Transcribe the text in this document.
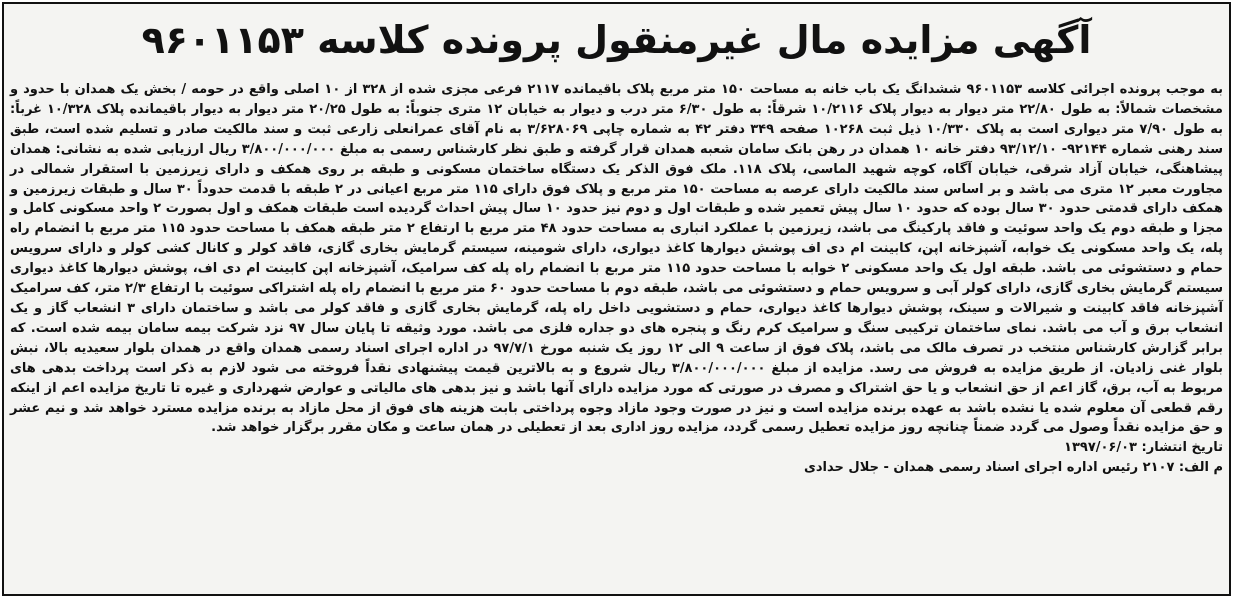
آگهی مزایده مال غیرمنقول پرونده کلاسه ۹۶۰۱۱۵۳

به موجب پرونده اجرائی کلاسه ۹۶۰۱۱۵۳ ششدانگ یک باب خانه به مساحت ۱۵۰ متر مربع پلاک باقیمانده ۲۱۱۷ فرعی مجزی شده از ۳۲۸ از ۱۰ اصلی واقع در حومه / بخش یک همدان با حدود و مشخصات شمالاً: به طول ۲۲/۸۰ متر دیوار به دیوار پلاک ۱۰/۲۱۱۶ شرقاً: به طول ۶/۳۰ متر درب و دیوار به خیابان ۱۲ متری جنوباً: به طول ۲۰/۲۵ متر دیوار به دیوار باقیمانده پلاک ۱۰/۳۲۸ غرباً: به طول ۷/۹۰ متر دیواری است به پلاک ۱۰/۳۳۰ ذیل ثبت ۱۰۲۶۸ صفحه ۳۴۹ دفتر ۴۲ به شماره چاپی ۳/۶۲۸۰۶۹ به نام آقای عمرانعلی زارعی ثبت و سند مالکیت صادر و تسلیم شده است، طبق سند رهنی شماره ۹۲۱۴۴- ۹۳/۱۲/۱۰ دفتر خانه ۱۰ همدان در رهن بانک سامان شعبه همدان قرار گرفته و طبق نظر کارشناس رسمی به مبلغ ۳/۸۰۰/۰۰۰/۰۰۰ ریال ارزیابی شده به نشانی: همدان پیشاهنگی، خیابان آزاد شرقی، خیابان آگاه، کوچه شهید الماسی، پلاک ۱۱۸. ملک فوق الذکر یک دستگاه ساختمان مسکونی و طبقه بر روی همکف و دارای زیرزمین با استقرار شمالی در مجاورت معبر ۱۲ متری می باشد و بر اساس سند مالکیت دارای عرصه به مساحت ۱۵۰ متر مربع و پلاک فوق دارای ۱۱۵ متر مربع اعیانی در ۲ طبقه با قدمت حدوداً ۳۰ سال و طبقات زیرزمین و همکف دارای قدمتی حدود ۳۰ سال بوده که حدود ۱۰ سال پیش تعمیر شده و طبقات اول و دوم نیز حدود ۱۰ سال پیش احداث گردیده است طبقات همکف و اول بصورت ۲ واحد مسکونی کامل و مجزا و طبقه دوم یک واحد سوئیت و فاقد پارکینگ می باشد، زیرزمین با عملکرد انباری به مساحت حدود ۴۸ متر مربع با ارتفاع ۲ متر طبقه همکف با مساحت حدود ۱۱۵ متر مربع با انضمام راه پله، یک واحد مسکونی یک خوابه، آشپزخانه اپن، کابینت ام دی اف پوشش دیوارها کاغذ دیواری، دارای شومینه، سیستم گرمایش بخاری گازی، فاقد کولر و کانال کشی کولر و دارای سرویس حمام و دستشوئی می باشد. طبقه اول یک واحد مسکونی ۲ خوابه با مساحت حدود ۱۱۵ متر مربع با انضمام راه پله کف سرامیک، آشپزخانه اپن کابینت ام دی اف، پوشش دیوارها کاغذ دیواری سیستم گرمایش بخاری گازی، دارای کولر آبی و سرویس حمام و دستشوئی می باشد، طبقه دوم با مساحت حدود ۶۰ متر مربع با انضمام راه پله اشتراکی سوئیت با ارتفاع ۲/۳ متر، کف سرامیک آشپزخانه فاقد کابینت و شیرالات و سینک، پوشش دیوارها کاغذ دیواری، حمام و دستشویی داخل راه پله، گرمایش بخاری گازی و فاقد کولر می باشد و ساختمان دارای ۳ انشعاب گاز و یک انشعاب برق و آب می باشد. نمای ساختمان ترکیبی سنگ و سرامیک کرم رنگ و پنجره های دو جداره فلزی می باشد. مورد وثیقه تا پایان سال ۹۷ نزد شرکت بیمه سامان بیمه شده است. که برابر گزارش کارشناس منتخب در تصرف مالک می باشد، پلاک فوق از ساعت ۹ الی ۱۲ روز یک شنبه مورخ ۹۷/۷/۱ در اداره اجرای اسناد رسمی همدان واقع در همدان بلوار سعیدیه بالا، نبش بلوار غنی زادیان. از طریق مزایده به فروش می رسد. مزایده از مبلغ ۳/۸۰۰/۰۰۰/۰۰۰ ریال شروع و به بالاترین قیمت پیشنهادی نقداً فروخته می شود لازم به ذکر است پرداخت بدهی های مربوط به آب، برق، گاز اعم از حق انشعاب و یا حق اشتراک و مصرف در صورتی که مورد مزایده دارای آنها باشد و نیز بدهی های مالیاتی و عوارض شهرداری و غیره تا تاریخ مزایده اعم از اینکه رقم قطعی آن معلوم شده یا نشده باشد به عهده برنده مزایده است و نیز در صورت وجود مازاد وجوه پرداختی بابت هزینه های فوق از محل مازاد به برنده مزایده مسترد خواهد شد و نیم عشر و حق مزایده نقداً وصول می گردد ضمناً چنانچه روز مزایده تعطیل رسمی گردد، مزایده روز اداری بعد از تعطیلی در همان ساعت و مکان مقرر برگزار خواهد شد.

تاریخ انتشار: ۱۳۹۷/۰۶/۰۳

م الف: ۲۱۰۷ رئیس اداره اجرای اسناد رسمی همدان - جلال حدادی
